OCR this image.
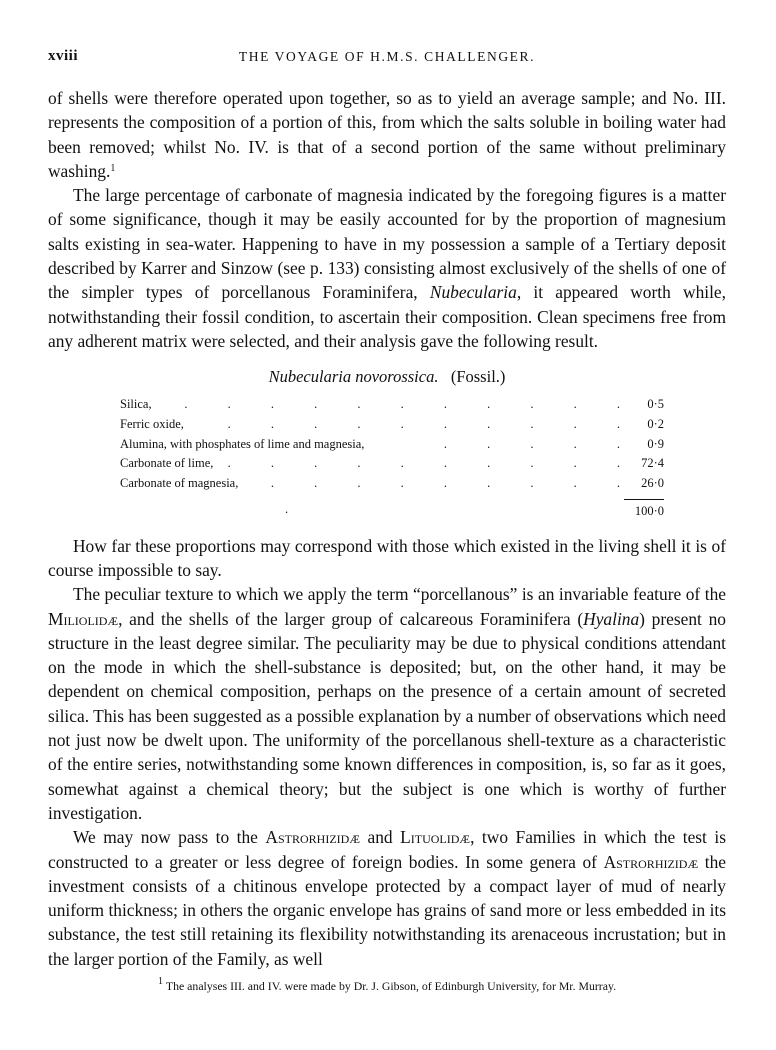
xviii	THE VOYAGE OF H.M.S. CHALLENGER.

of shells were therefore operated upon together, so as to yield an average sample; and No. III. represents the composition of a portion of this, from which the salts soluble in boiling water had been removed; whilst No. IV. is that of a second portion of the same without preliminary washing.$^1$

The large percentage of carbonate of magnesia indicated by the foregoing figures is a matter of some significance, though it may be easily accounted for by the proportion of magnesium salts existing in sea-water. Happening to have in my possession a sample of a Tertiary deposit described by Karrer and Sinzow (see p. 133) consisting almost exclusively of the shells of one of the simpler types of porcellanous Foraminifera, Nubecularia, it appeared worth while, notwithstanding their fossil condition, to ascertain their composition. Clean specimens free from any adherent matrix were selected, and their analysis gave the following result.

Nubecularia novorossica. (Fossil.)
Silica,	. . . . . . . . . . .	0·5
Ferric oxide,	. . . . . . . . . .	0·2
Alumina, with phosphates of lime and magnesia,	. . . . .	0·9
Carbonate of lime, . . . . . . . . . .	72·4
Carbonate of magnesia,	. . . . . . . . .	26·0
.	100·0

How far these proportions may correspond with those which existed in the living shell it is of course impossible to say.

The peculiar texture to which we apply the term “porcellanous” is an invariable feature of the Miliolidæ, and the shells of the larger group of calcareous Foraminifera (Hyalina) present no structure in the least degree similar. The peculiarity may be due to physical conditions attendant on the mode in which the shell-substance is deposited; but, on the other hand, it may be dependent on chemical composition, perhaps on the presence of a certain amount of secreted silica. This has been suggested as a possible explanation by a number of observations which need not just now be dwelt upon. The uniformity of the porcellanous shell-texture as a characteristic of the entire series, notwithstanding some known differences in composition, is, so far as it goes, somewhat against a chemical theory; but the subject is one which is worthy of further investigation.

We may now pass to the Astrorhizidæ and Lituolidæ, two Families in which the test is constructed to a greater or less degree of foreign bodies. In some genera of Astrorhizidæ the investment consists of a chitinous envelope protected by a compact layer of mud of nearly uniform thickness; in others the organic envelope has grains of sand more or less embedded in its substance, the test still retaining its flexibility notwithstanding its arenaceous incrustation; but in the larger portion of the Family, as well

$^1$ The analyses III. and IV. were made by Dr. J. Gibson, of Edinburgh University, for Mr. Murray.
